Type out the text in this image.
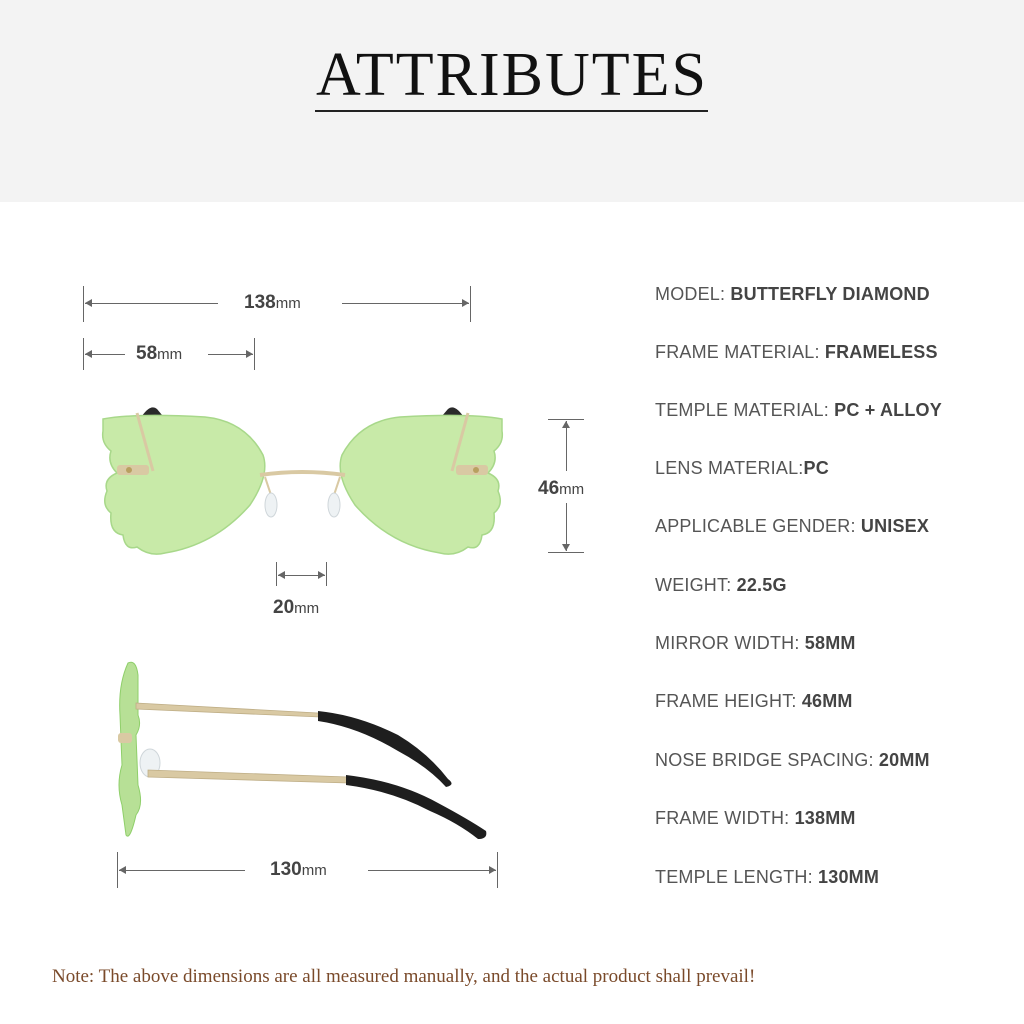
ATTRIBUTES
138mm
58mm
46mm
20mm
130mm
MODEL: BUTTERFLY DIAMOND
FRAME MATERIAL: FRAMELESS
TEMPLE MATERIAL: PC + ALLOY
LENS MATERIAL:PC
APPLICABLE GENDER: UNISEX
WEIGHT: 22.5G
MIRROR WIDTH: 58MM
FRAME HEIGHT: 46MM
NOSE BRIDGE SPACING: 20MM
FRAME WIDTH: 138MM
TEMPLE LENGTH: 130MM
Note: The above dimensions are all measured manually, and the actual product shall prevail!
